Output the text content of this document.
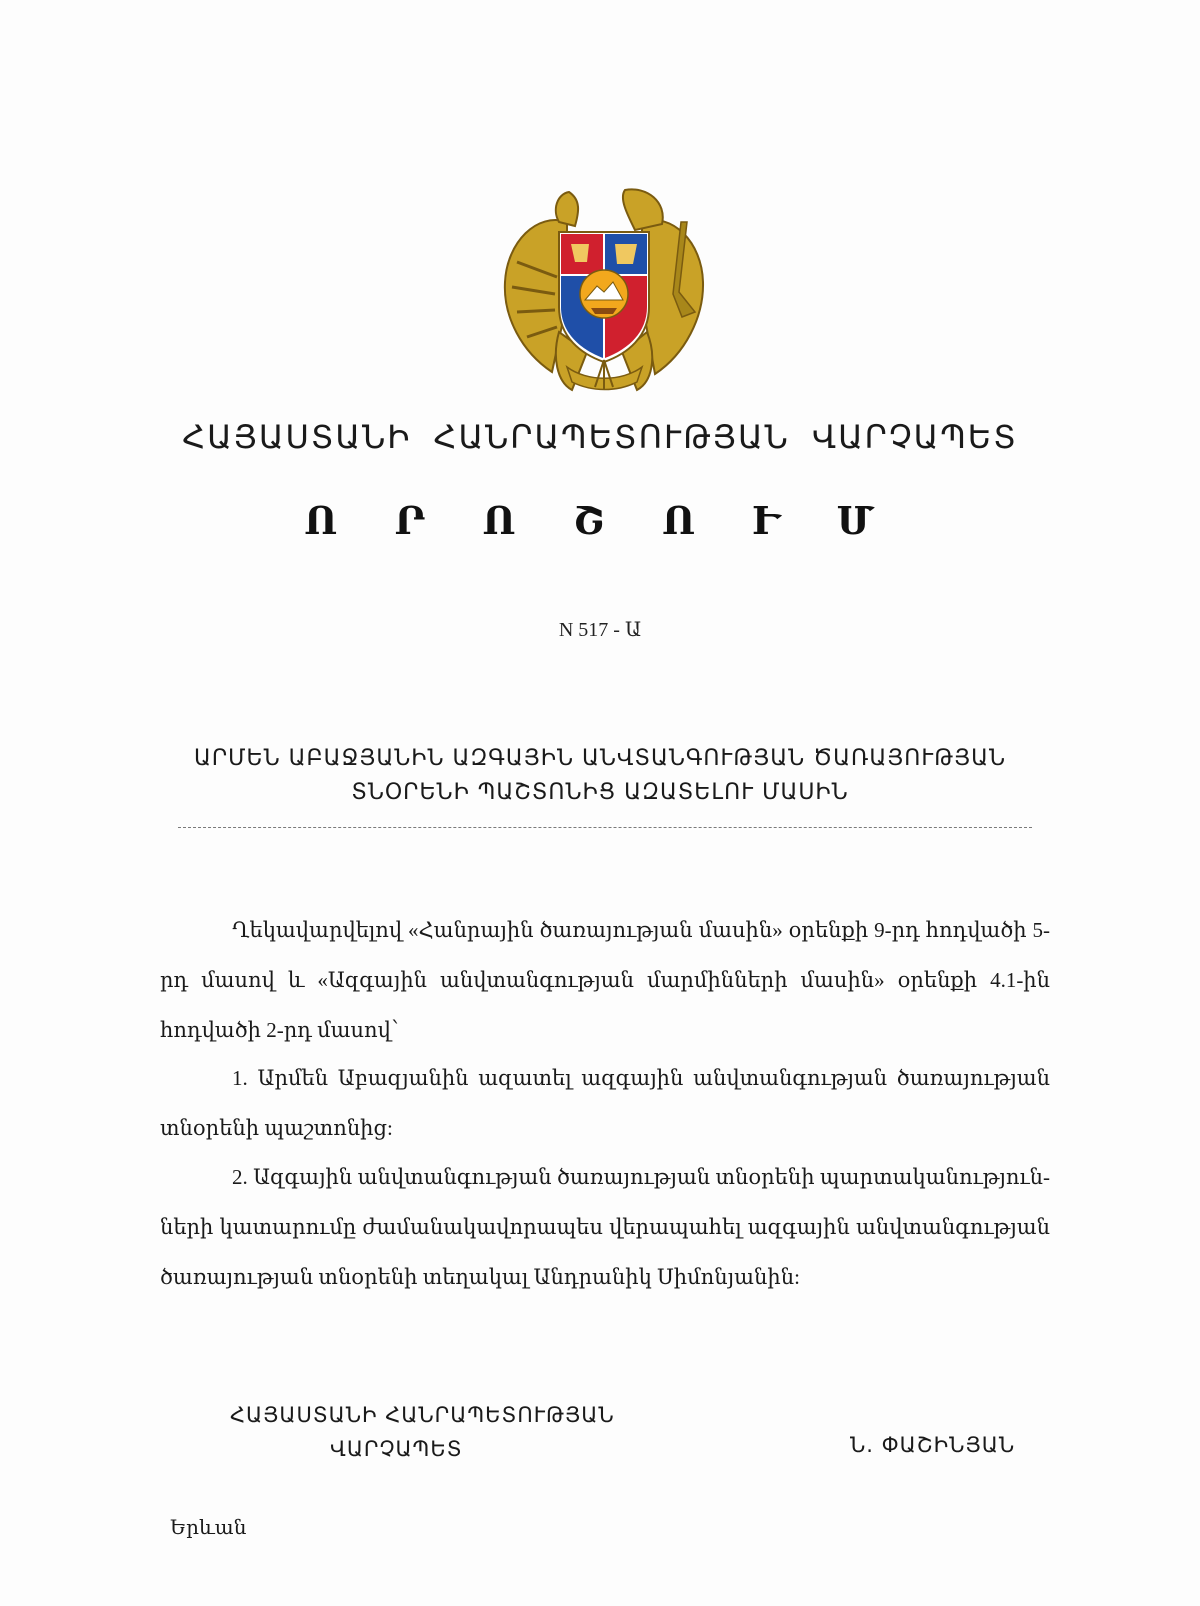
ՀԱՅԱՍՏԱՆԻ ՀԱՆՐԱՊԵՏՈՒԹՅԱՆ ՎԱՐՉԱՊԵՏ
Ո Ր Ո Շ Ո Ւ Մ
N 517 - Ա
ԱՐՄԵՆ ԱԲԱՋՅԱՆԻՆ ԱԶԳԱՅԻՆ ԱՆՎՏԱՆԳՈՒԹՅԱՆ ԾԱՌԱՅՈՒԹՅԱՆ
ՏՆՕՐԵՆԻ ՊԱՇՏՈՆԻՑ ԱԶԱՏԵԼՈՒ ՄԱՍԻՆ
Ղեկավարվելով «Հանրային ծառայության մասին» օրենքի 9-րդ հոդվածի 5-րդ մասով և «Ազգային անվտանգության մարմինների մասին» օրենքի 4.1-ին հոդվածի 2-րդ մասով՝
1. Արմեն Աբազյանին ազատել ազգային անվտանգության ծառայության տնօրենի պաշտոնից:
2. Ազգային անվտանգության ծառայության տնօրենի պարտականություն-ների կատարումը ժամանակավորապես վերապահել ազգային անվտանգության ծառայության տնօրենի տեղակալ Անդրանիկ Սիմոնյանին:
ՀԱՅԱՍՏԱՆԻ ՀԱՆՐԱՊԵՏՈՒԹՅԱՆ
ՎԱՐՉԱՊԵՏ	Ն. ՓԱՇԻՆՅԱՆ
Երևան
